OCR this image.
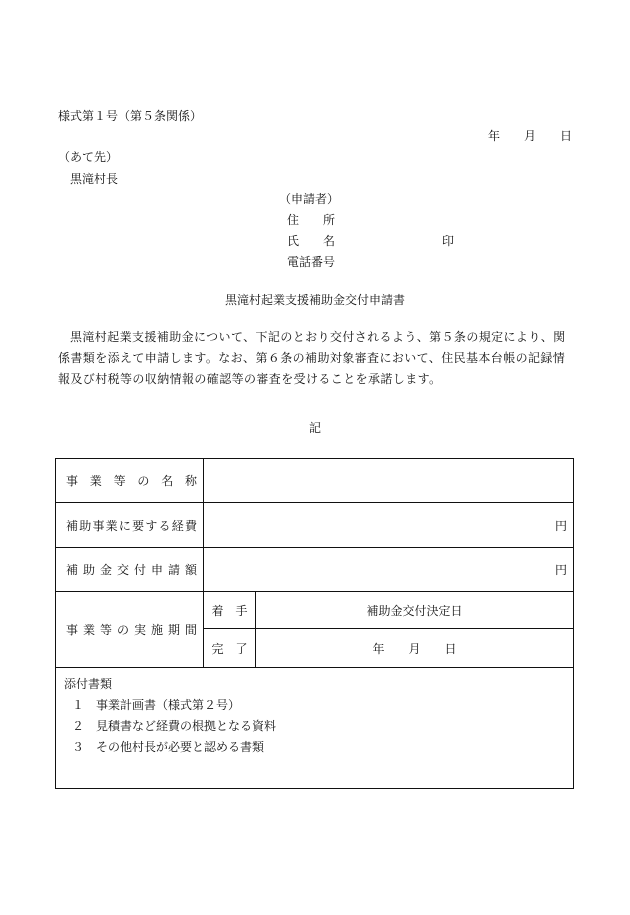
様式第１号（第５条関係）
年　　月　　日
（あて先）
黒滝村長
（申請者）
住　　所
氏　　名	印
電話番号
黒滝村起業支援補助金交付申請書
黒滝村起業支援補助金について、下記のとおり交付されるよう、第５条の規定により、関係書類を添えて申請します。なお、第６条の補助対象審査において、住民基本台帳の記録情報及び村税等の収納情報の確認等の審査を受けることを承諾します。
記
事業等の名称		
補助事業に要する経費	円	
補助金交付申請額	円	
事業等の実施期間	着　手	補助金交付決定日
	完　了	年　　月　　日

添付書類
１　事業計画書（様式第２号）
２　見積書など経費の根拠となる資料
３　その他村長が必要と認める書類		
